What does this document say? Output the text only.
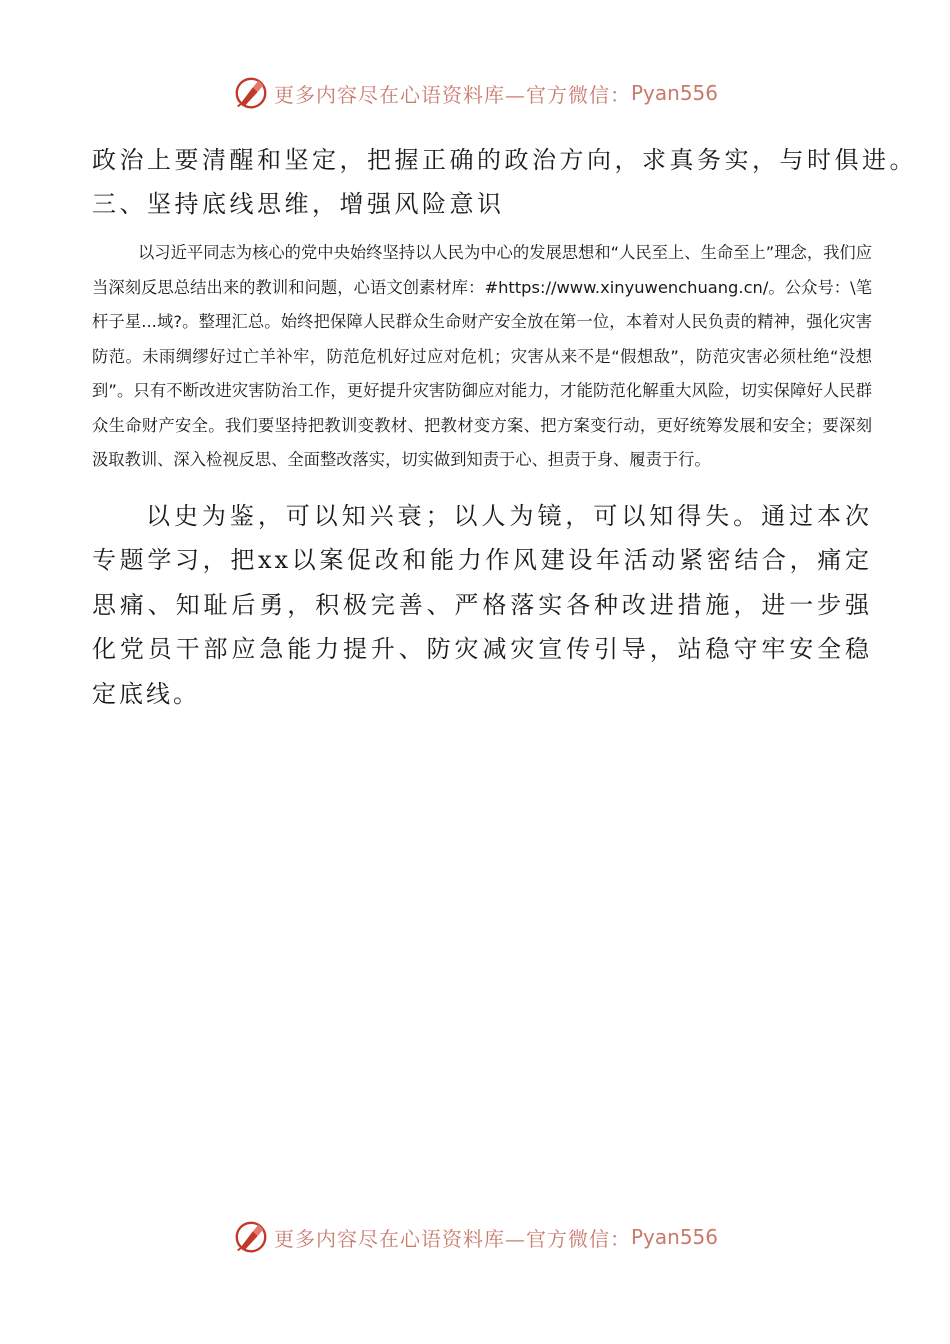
更多内容尽在心语资料库—官方微信： Pyan556

政治上要清醒和坚定，把握正确的政治方向，求真务实，与时俱进。

三、坚持底线思维，增强风险意识

以习近平同志为核心的党中央始终坚持以人民为中心的发展思想和“人民至上、生命至上”理念，我们应当深刻反思总结出来的教训和问题，心语文创素材库：#https://www.xinyuwenchuang.cn/。公众号：\笔杆子星...域?。整理汇总。始终把保障人民群众生命财产安全放在第一位，本着对人民负责的精神，强化灾害防范。未雨绸缪好过亡羊补牢，防范危机好过应对危机；灾害从来不是“假想敌”，防范灾害必须杜绝“没想到”。只有不断改进灾害防治工作，更好提升灾害防御应对能力，才能防范化解重大风险，切实保障好人民群众生命财产安全。我们要坚持把教训变教材、把教材变方案、把方案变行动，更好统筹发展和安全；要深刻汲取教训、深入检视反思、全面整改落实，切实做到知责于心、担责于身、履责于行。

以史为鉴，可以知兴衰；以人为镜，可以知得失。通过本次专题学习，把xx以案促改和能力作风建设年活动紧密结合，痛定思痛、知耻后勇，积极完善、严格落实各种改进措施，进一步强化党员干部应急能力提升、防灾减灾宣传引导，站稳守牢安全稳定底线。

更多内容尽在心语资料库—官方微信： Pyan556
